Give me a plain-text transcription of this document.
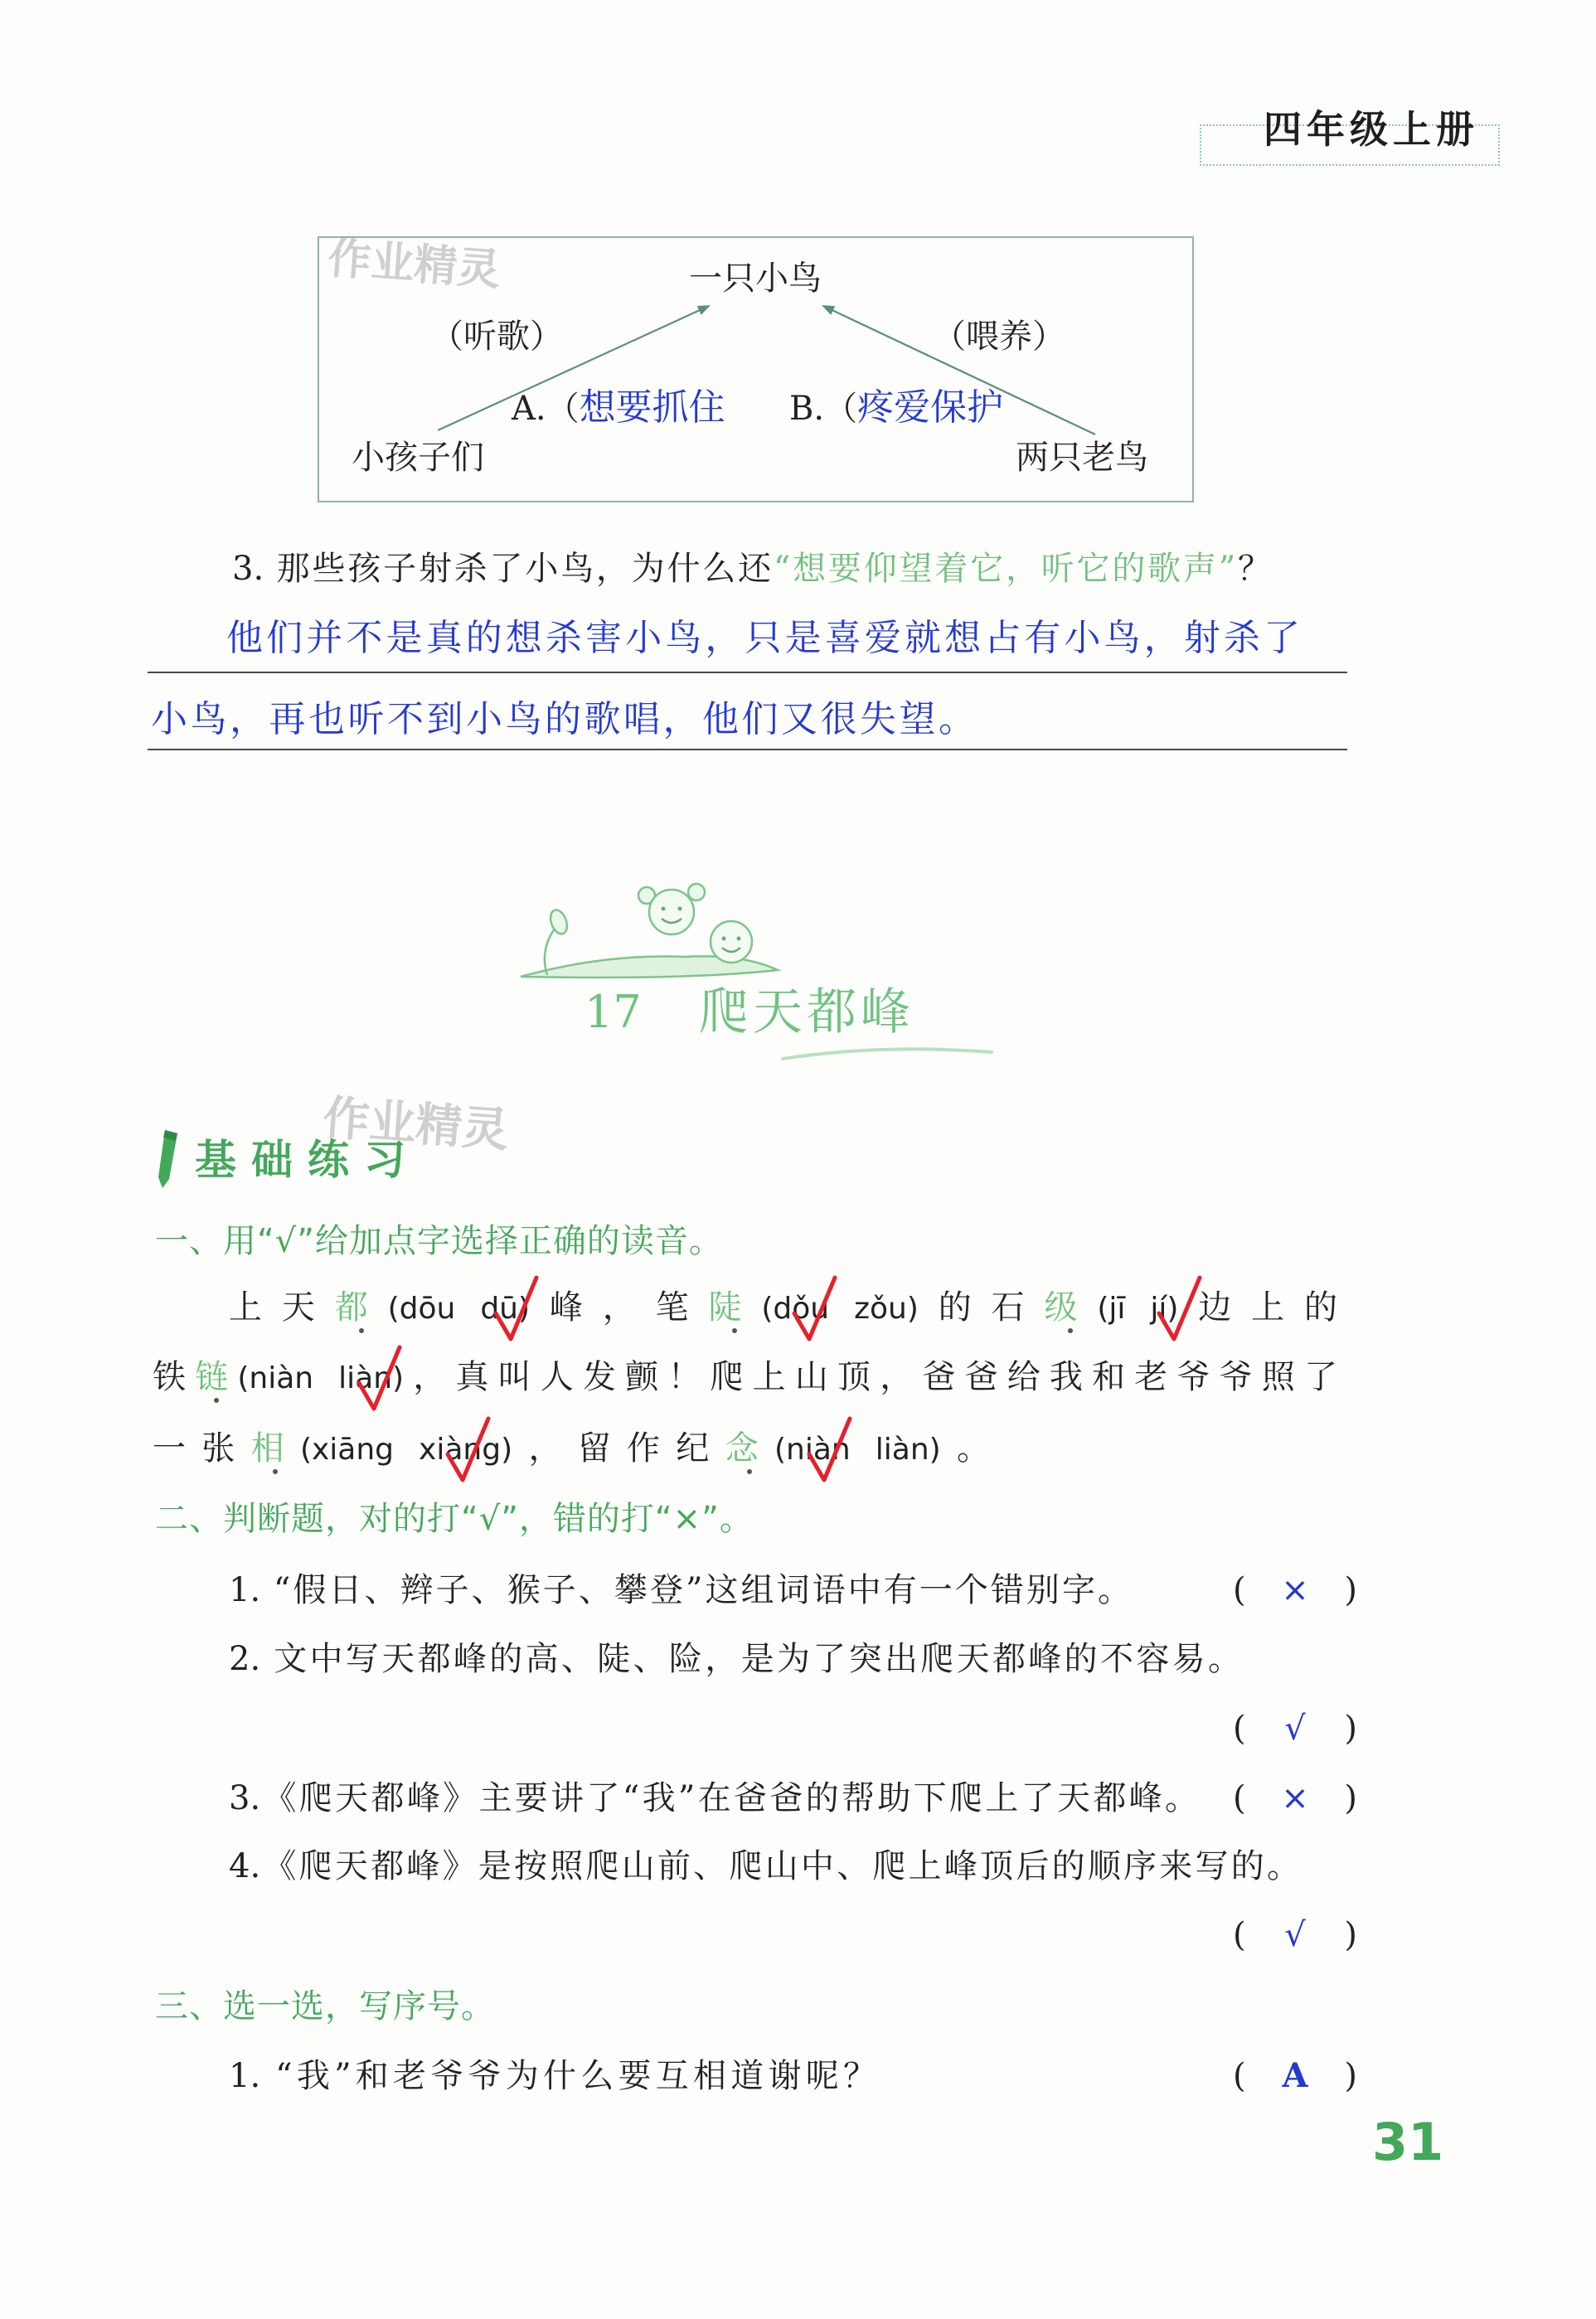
四年级上册
作业精灵	一只小鸟
（听歌）	（喂养）
A.（想要抓住 B.（疼爱保护
小孩子们	两只老鸟
3. 那些孩子射杀了小鸟，为什么还“想要仰望着它，听它的歌声”？
他们并不是真的想杀害小鸟，只是喜爱就想占有小鸟，射杀了
小鸟，再也听不到小鸟的歌唱，他们又很失望。
17 爬天都峰
作业精灵
基础练习
一、用“√”给加点字选择正确的读音。
上天都(dōu dū
)峰，笔陡(dǒu zǒu)的石级(jī jí
)边上的
铁链(niàn liàn
)，真叫人发颤！爬上山顶，爸爸给我和老爷爷照了
一张相(xiāng xiàng
)，留作纪念(niàn liàn)。
二、判断题，对的打“√”，错的打“×”。
1. “假日、辫子、猴子、攀登”这组词语中有一个错别字。	( × )
2. 文中写天都峰的高、陡、险，是为了突出爬天都峰的不容易。
( √ )
3.《爬天都峰》主要讲了“我”在爸爸的帮助下爬上了天都峰。 ( × )
4.《爬天都峰》是按照爬山前、爬山中、爬上峰顶后的顺序来写的。
( √ )
三、选一选，写序号。
1. “我”和老爷爷为什么要互相道谢呢？	( A )
31
